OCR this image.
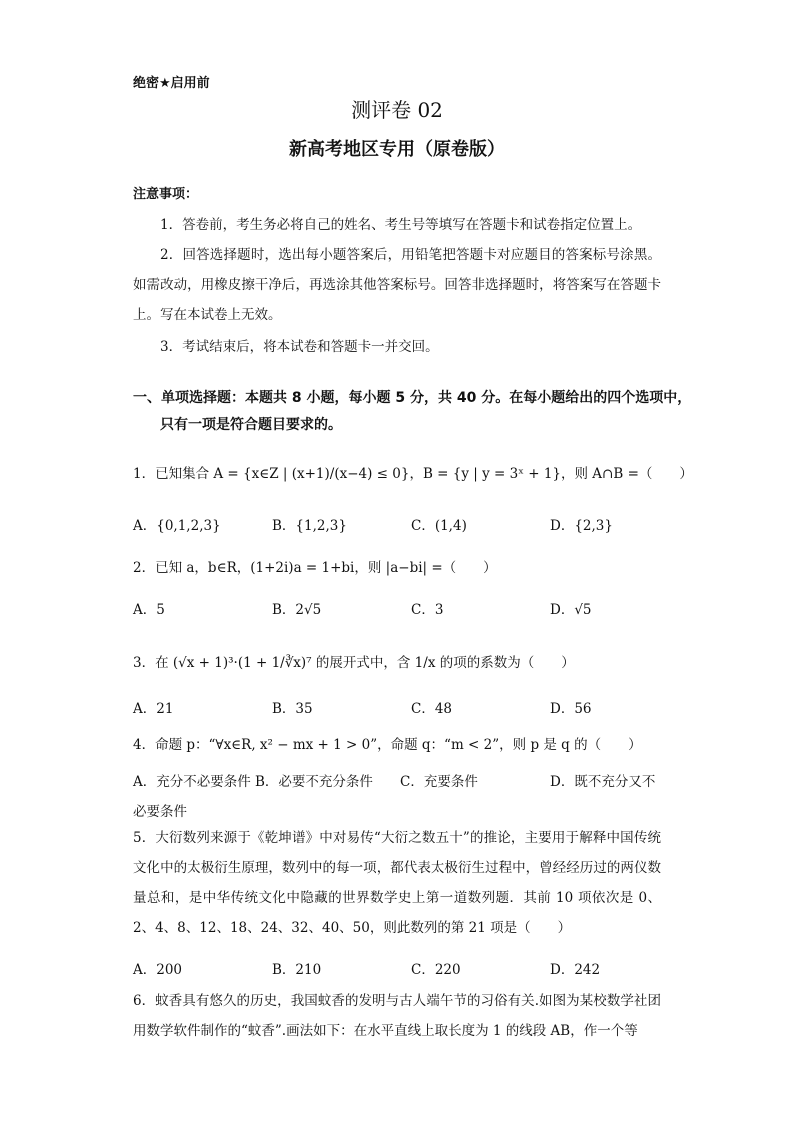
绝密★启用前
测评卷 02
新高考地区专用（原卷版）
注意事项：
1．答卷前，考生务必将自己的姓名、考生号等填写在答题卡和试卷指定位置上。
2．回答选择题时，选出每小题答案后，用铅笔把答题卡对应题目的答案标号涂黑。如需改动，用橡皮擦干净后，再选涂其他答案标号。回答非选择题时，将答案写在答题卡上。写在本试卷上无效。
3．考试结束后，将本试卷和答题卡一并交回。
一、单项选择题：本题共 8 小题，每小题 5 分，共 40 分。在每小题给出的四个选项中，
只有一项是符合题目要求的。
1．已知集合 A = {x∈Z | (x+1)/(x−4) ≤ 0}，B = {y | y = 3ˣ + 1}，则 A∩B =（　　）
A．{0,1,2,3}	B．{1,2,3}	C．(1,4)	D．{2,3}
2．已知 a，b∈R，(1+2i)a = 1+bi，则 |a−bi| =（　　）
A．5	B．2√5	C．3	D．√5
3．在 (√x + 1)³·(1 + 1/∛x)⁷ 的展开式中，含 1/x 的项的系数为（　　）
A．21	B．35	C．48	D．56
4．命题 p：“∀x∈R, x² − mx + 1 > 0”，命题 q：“m < 2”，则 p 是 q 的（　　）
A．充分不必要条件 B．必要不充分条件 C．充要条件	D．既不充分又不
必要条件
5．大衍数列来源于《乾坤谱》中对易传“大衍之数五十”的推论，主要用于解释中国传统文化中的太极衍生原理，数列中的每一项，都代表太极衍生过程中，曾经经历过的两仪数量总和，是中华传统文化中隐藏的世界数学史上第一道数列题．其前 10 项依次是 0、2、4、8、12、18、24、32、40、50，则此数列的第 21 项是（　　）
A．200	B．210	C．220	D．242
6．蚊香具有悠久的历史，我国蚊香的发明与古人端午节的习俗有关.如图为某校数学社团用数学软件制作的“蚊香”.画法如下：在水平直线上取长度为 1 的线段 AB，作一个等
